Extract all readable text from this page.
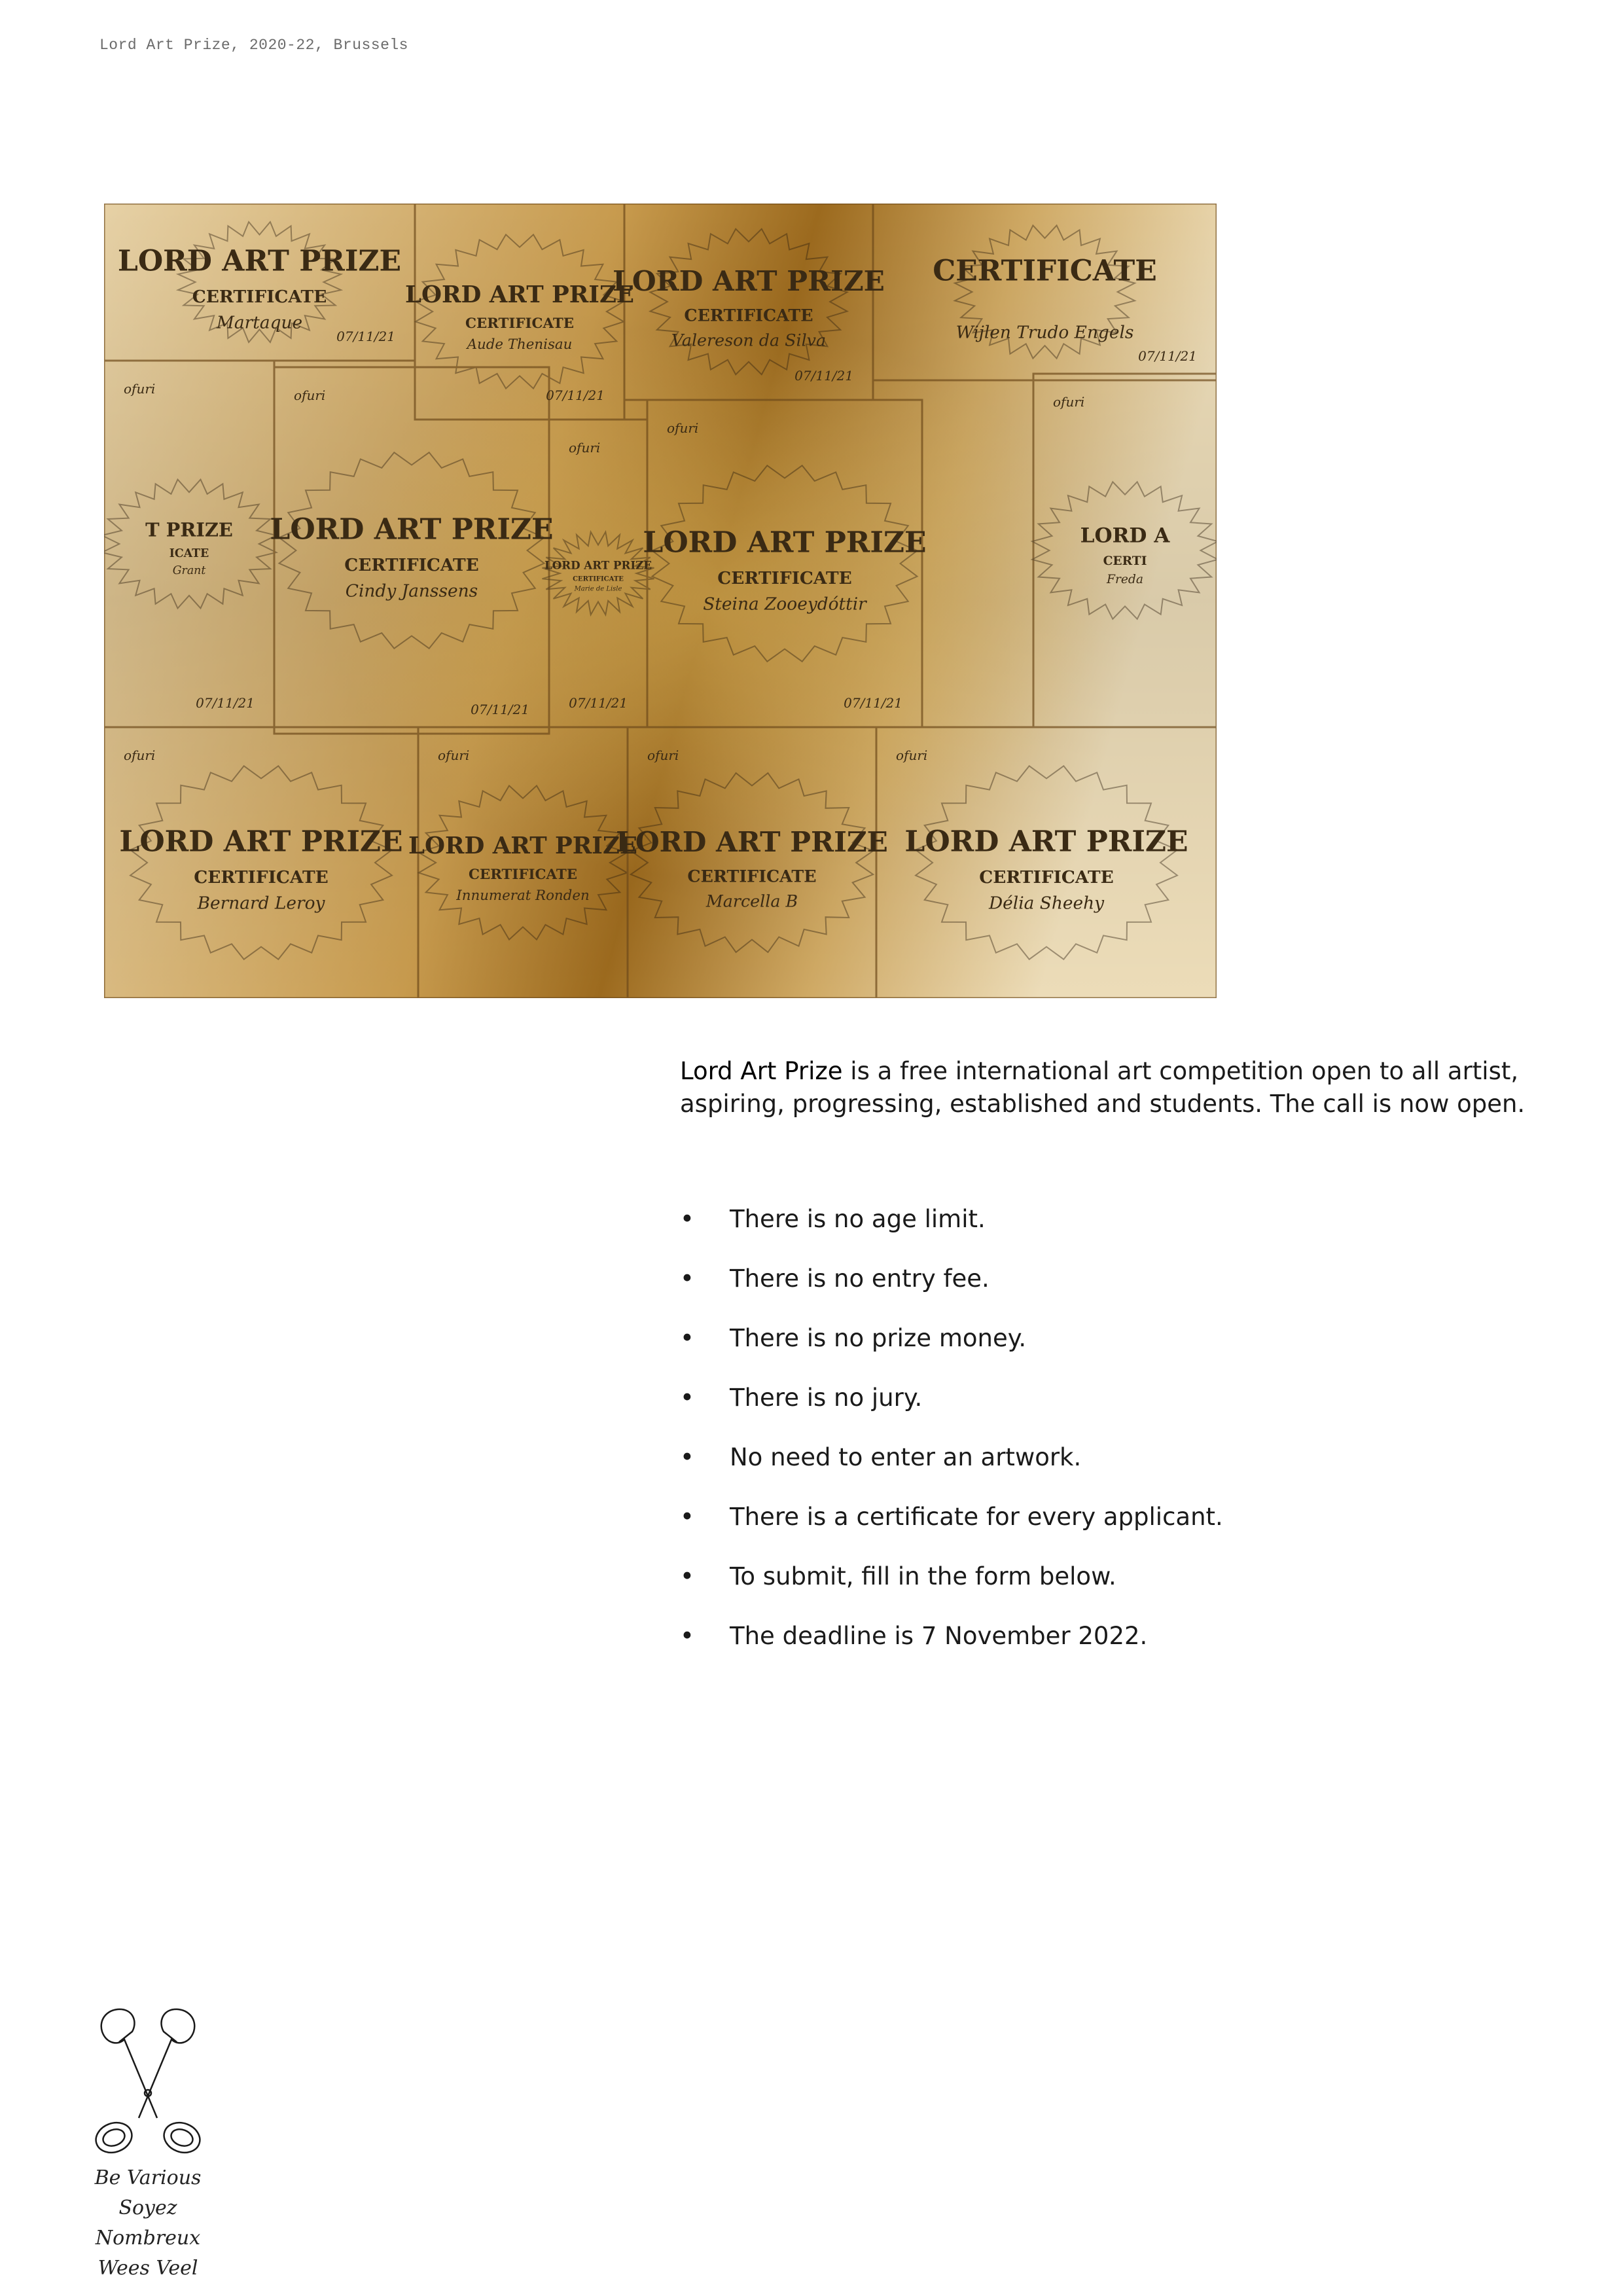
Lord Art Prize, 2020-22, Brussels
LORD ART PRIZE
CERTIFICATE
Martaque
07/11/21
LORD ART PRIZE
CERTIFICATE
Aude Thenisau
07/11/21
LORD ART PRIZE
CERTIFICATE
Valereson da Silva
07/11/21
CERTIFICATE
Wijlen Trudo Engels
07/11/21
T PRIZE
ICATE
Grant
07/11/21
ofuri
LORD ART PRIZE
CERTIFICATE
Cindy Janssens
07/11/21
ofuri
LORD ART PRIZE
CERTIFICATE
Marie de Lisle
07/11/21
ofuri
LORD ART PRIZE
CERTIFICATE
Steina Zooeydóttir
07/11/21
ofuri
LORD A
CERTI
Freda
ofuri
LORD ART PRIZE
CERTIFICATE
Bernard Leroy
ofuri
LORD ART PRIZE
CERTIFICATE
Innumerat Ronden
ofuri
LORD ART PRIZE
CERTIFICATE
Marcella B
ofuri
LORD ART PRIZE
CERTIFICATE
Délia Sheehy
ofuri
Lord Art Prize is a free international art competition open to all artist, aspiring, progressing, established and students. The call is now open.
•	There is no age limit.
•	There is no entry fee.
•	There is no prize money.
•	There is no jury.
•	No need to enter an artwork.
•	There is a certificate for every applicant.
•	To submit, fill in the form below.
•	The deadline is 7 November 2022.
Be Various
Soyez Nombreux
Wees Veel
